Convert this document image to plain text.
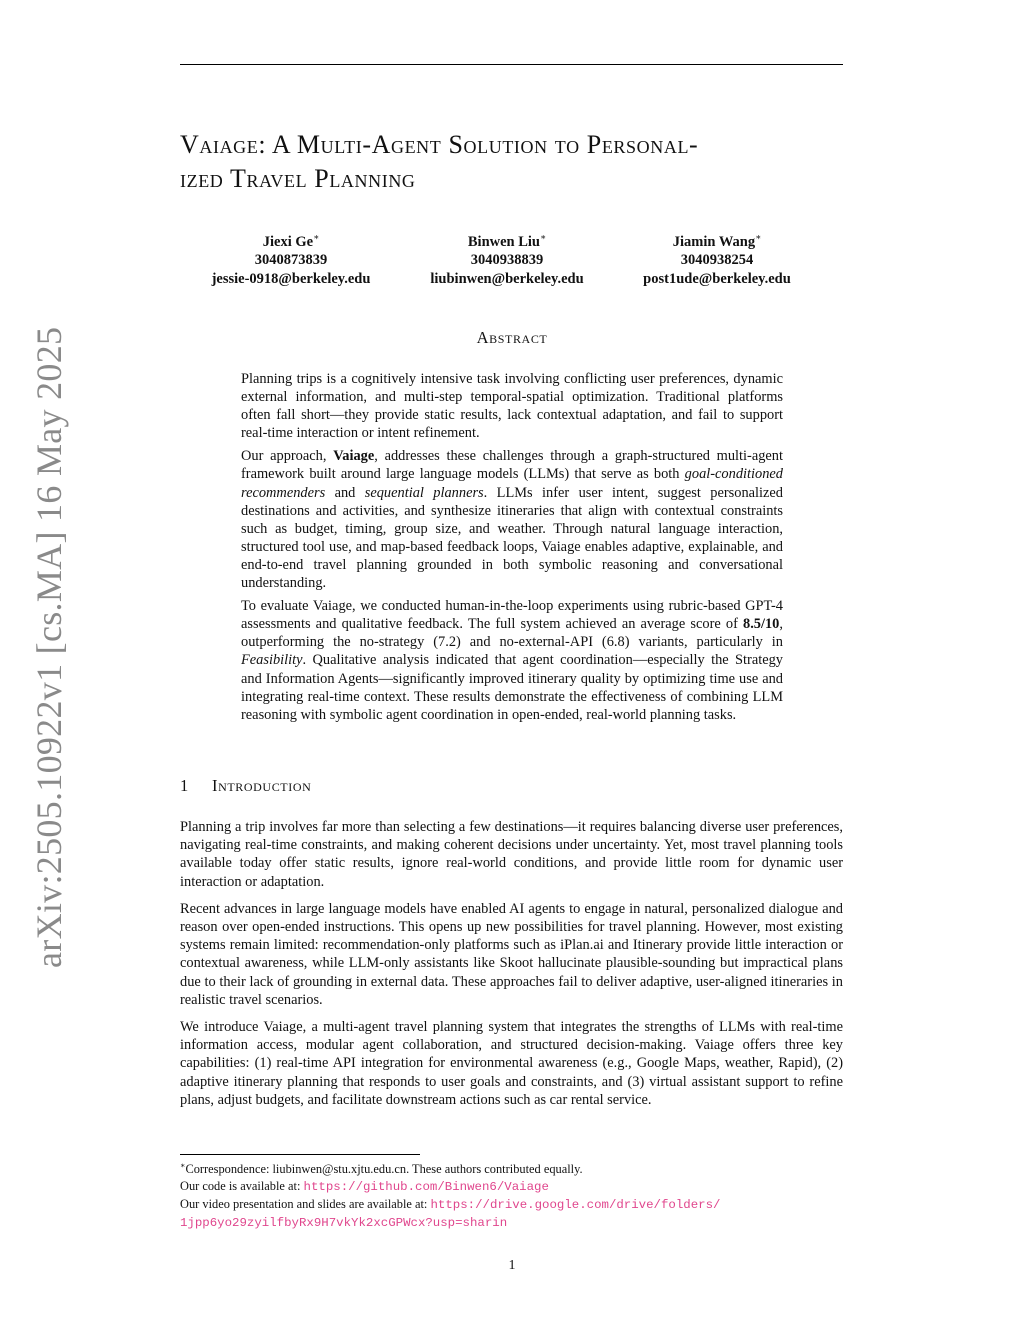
arXiv:2505.10922v1 [cs.MA] 16 May 2025
Vaiage: A Multi-Agent Solution to Personal-
ized Travel Planning
Jiexi Ge∗
3040873839
jessie-0918@berkeley.edu
Binwen Liu∗
3040938839
liubinwen@berkeley.edu
Jiamin Wang∗
3040938254
post1ude@berkeley.edu
Abstract

Planning trips is a cognitively intensive task involving conflicting user preferences, dynamic external information, and multi-step temporal-spatial optimization. Traditional platforms often fall short—they provide static results, lack contextual adaptation, and fail to support real-time interaction or intent refinement.

Our approach, Vaiage, addresses these challenges through a graph-structured multi-agent framework built around large language models (LLMs) that serve as both goal-conditioned recommenders and sequential planners. LLMs infer user intent, suggest personalized destinations and activities, and synthesize itineraries that align with contextual constraints such as budget, timing, group size, and weather. Through natural language interaction, structured tool use, and map-based feedback loops, Vaiage enables adaptive, explainable, and end-to-end travel planning grounded in both symbolic reasoning and conversational understanding.

To evaluate Vaiage, we conducted human-in-the-loop experiments using rubric-based GPT-4 assessments and qualitative feedback. The full system achieved an average score of 8.5/10, outperforming the no-strategy (7.2) and no-external-API (6.8) variants, particularly in Feasibility. Qualitative analysis indicated that agent coordination—especially the Strategy and Information Agents—significantly improved itinerary quality by optimizing time use and integrating real-time context. These results demonstrate the effectiveness of combining LLM reasoning with symbolic agent coordination in open-ended, real-world planning tasks.

1 Introduction

Planning a trip involves far more than selecting a few destinations—it requires balancing diverse user preferences, navigating real-time constraints, and making coherent decisions under uncertainty. Yet, most travel planning tools available today offer static results, ignore real-world conditions, and provide little room for dynamic user interaction or adaptation.

Recent advances in large language models have enabled AI agents to engage in natural, personalized dialogue and reason over open-ended instructions. This opens up new possibilities for travel planning. However, most existing systems remain limited: recommendation-only platforms such as iPlan.ai and Itinerary provide little interaction or contextual awareness, while LLM-only assistants like Skoot hallucinate plausible-sounding but impractical plans due to their lack of grounding in external data. These approaches fail to deliver adaptive, user-aligned itineraries in realistic travel scenarios.

We introduce Vaiage, a multi-agent travel planning system that integrates the strengths of LLMs with real-time information access, modular agent collaboration, and structured decision-making. Vaiage offers three key capabilities: (1) real-time API integration for environmental awareness (e.g., Google Maps, weather, Rapid), (2) adaptive itinerary planning that responds to user goals and constraints, and (3) virtual assistant support to refine plans, adjust budgets, and facilitate downstream actions such as car rental service.

∗Correspondence: liubinwen@stu.xjtu.edu.cn. These authors contributed equally.
Our code is available at: https://github.com/Binwen6/Vaiage
Our video presentation and slides are available at: https://drive.google.com/drive/folders/
1jpp6yo29zyilfbyRx9H7vkYk2xcGPWcx?usp=sharin
1
